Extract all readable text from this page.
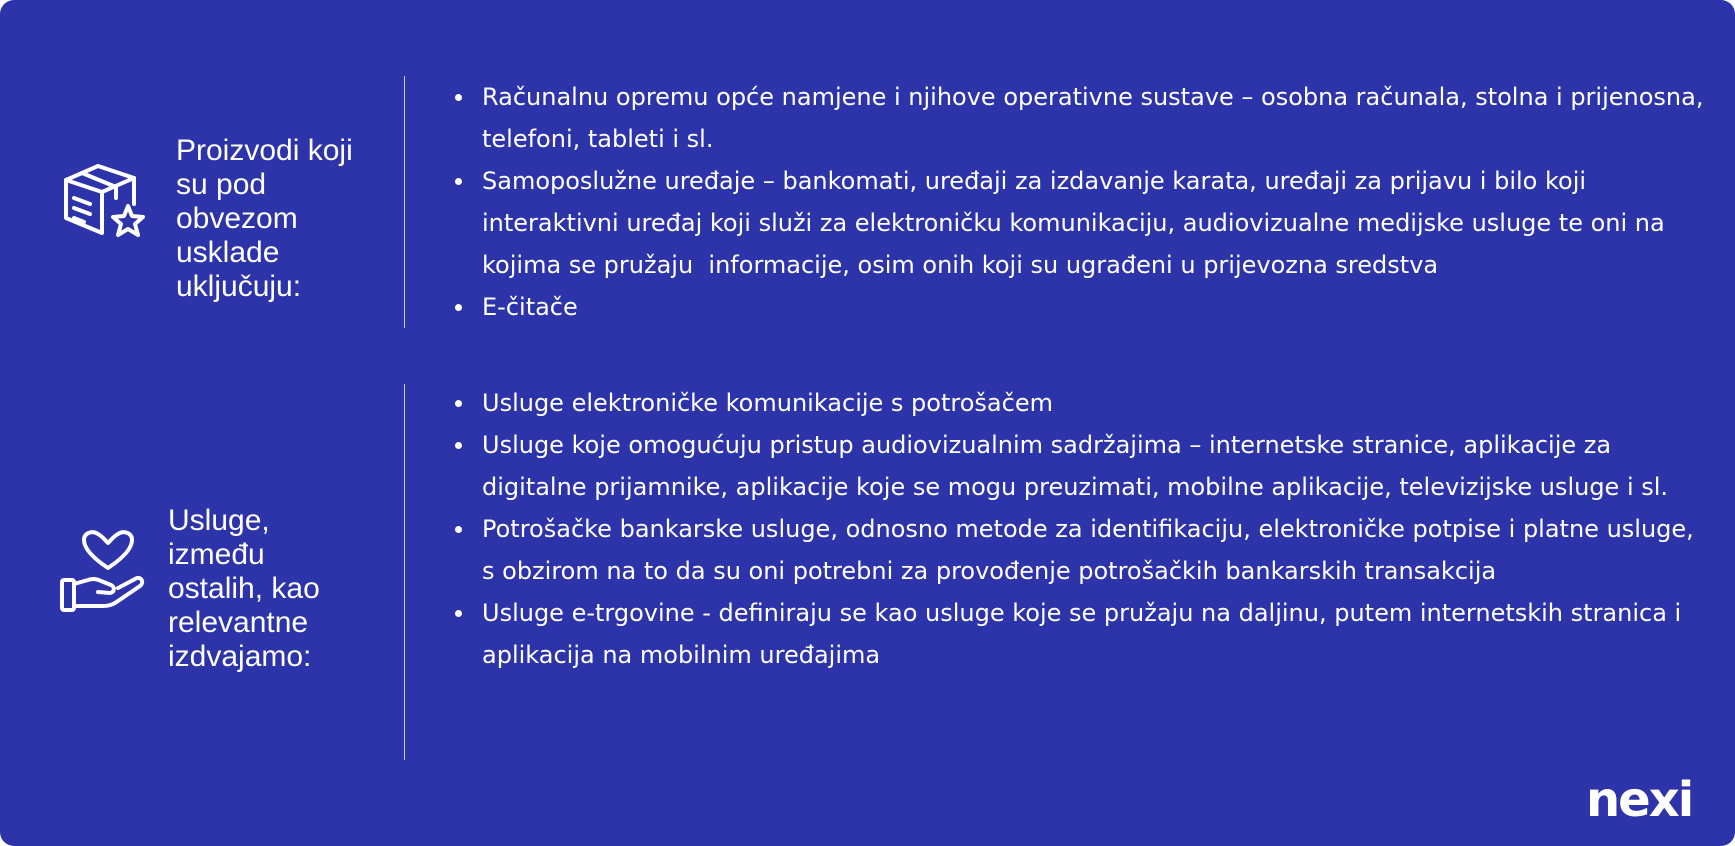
Proizvodi koji su pod obvezom usklade uključuju:
Računalnu opremu opće namjene i njihove operativne sustave – osobna računala, stolna i prijenosna, telefoni, tableti i sl.
Samoposlužne uređaje – bankomati, uređaji za izdavanje karata, uređaji za prijavu i bilo koji interaktivni uređaj koji služi za elektroničku komunikaciju, audiovizualne medijske usluge te oni na kojima se pružaju  informacije, osim onih koji su ugrađeni u prijevozna sredstva
E-čitače
Usluge, između ostalih, kao relevantne izdvajamo:
Usluge elektroničke komunikacije s potrošačem
Usluge koje omogućuju pristup audiovizualnim sadržajima – internetske stranice, aplikacije za digitalne prijamnike, aplikacije koje se mogu preuzimati, mobilne aplikacije, televizijske usluge i sl.
Potrošačke bankarske usluge, odnosno metode za identifikaciju, elektroničke potpise i platne usluge, s obzirom na to da su oni potrebni za provođenje potrošačkih bankarskih transakcija
Usluge e-trgovine - definiraju se kao usluge koje se pružaju na daljinu, putem internetskih stranica i aplikacija na mobilnim uređajima
nexi
